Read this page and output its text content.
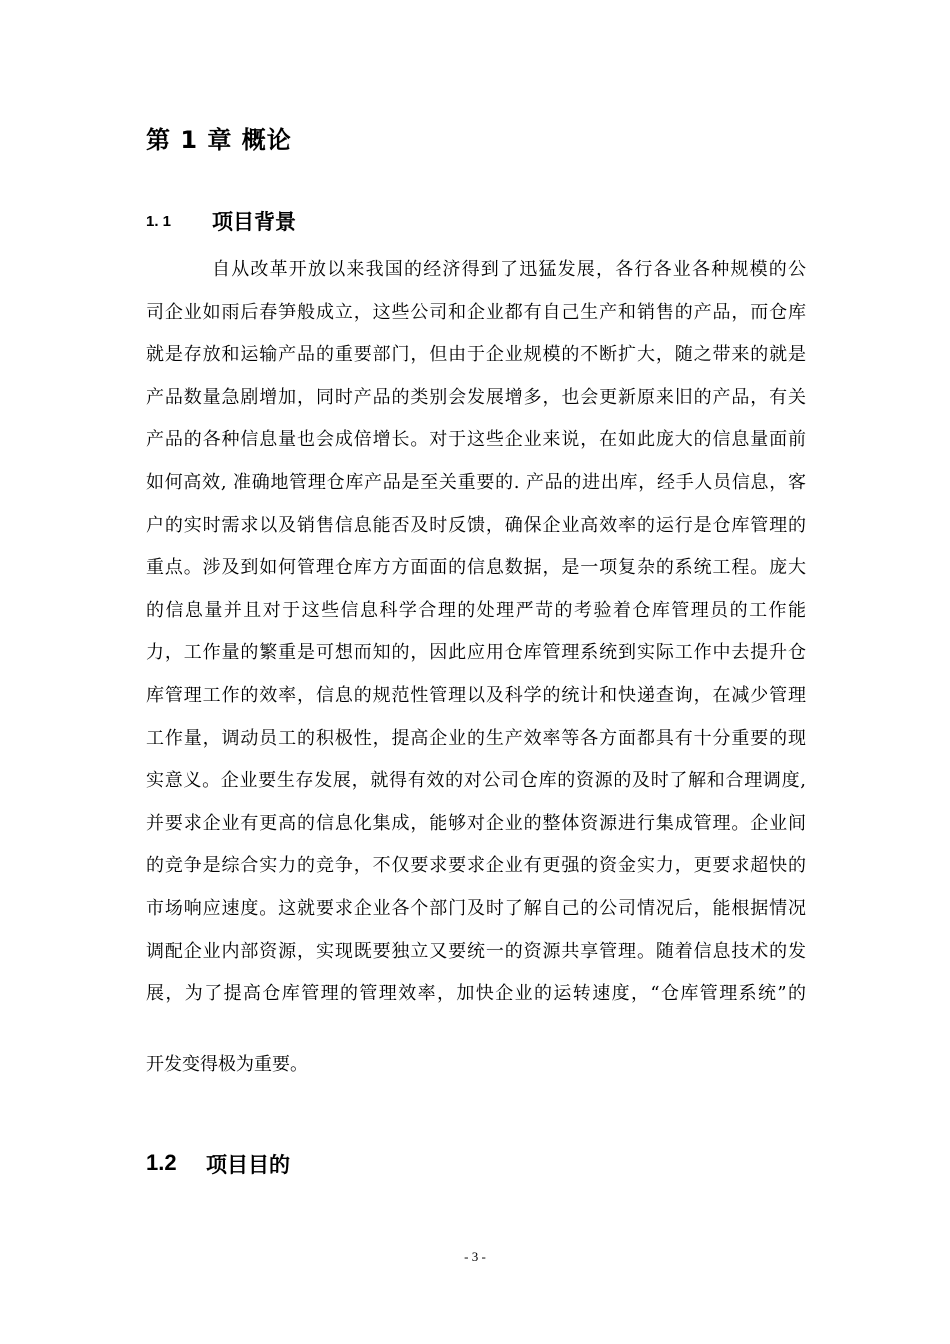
第 1 章 概论
1. 1 项目背景
自从改革开放以来我国的经济得到了迅猛发展，各行各业各种规模的公
司企业如雨后春笋般成立，这些公司和企业都有自己生产和销售的产品，而仓库
就是存放和运输产品的重要部门，但由于企业规模的不断扩大，随之带来的就是
产品数量急剧增加，同时产品的类别会发展增多，也会更新原来旧的产品，有关
产品的各种信息量也会成倍增长。对于这些企业来说，在如此庞大的信息量面前
如何高效, 准确地管理仓库产品是至关重要的. 产品的进出库，经手人员信息，客
户的实时需求以及销售信息能否及时反馈，确保企业高效率的运行是仓库管理的
重点。涉及到如何管理仓库方方面面的信息数据，是一项复杂的系统工程。庞大
的信息量并且对于这些信息科学合理的处理严苛的考验着仓库管理员的工作能
力，工作量的繁重是可想而知的，因此应用仓库管理系统到实际工作中去提升仓
库管理工作的效率，信息的规范性管理以及科学的统计和快递查询，在减少管理
工作量，调动员工的积极性，提高企业的生产效率等各方面都具有十分重要的现
实意义。企业要生存发展，就得有效的对公司仓库的资源的及时了解和合理调度,
并要求企业有更高的信息化集成，能够对企业的整体资源进行集成管理。企业间
的竞争是综合实力的竞争，不仅要求要求企业有更强的资金实力，更要求超快的
市场响应速度。这就要求企业各个部门及时了解自己的公司情况后，能根据情况
调配企业内部资源，实现既要独立又要统一的资源共享管理。随着信息技术的发
展，为了提高仓库管理的管理效率，加快企业的运转速度，“仓库管理系统”的
开发变得极为重要。
1.2 项目目的
- 3 -
